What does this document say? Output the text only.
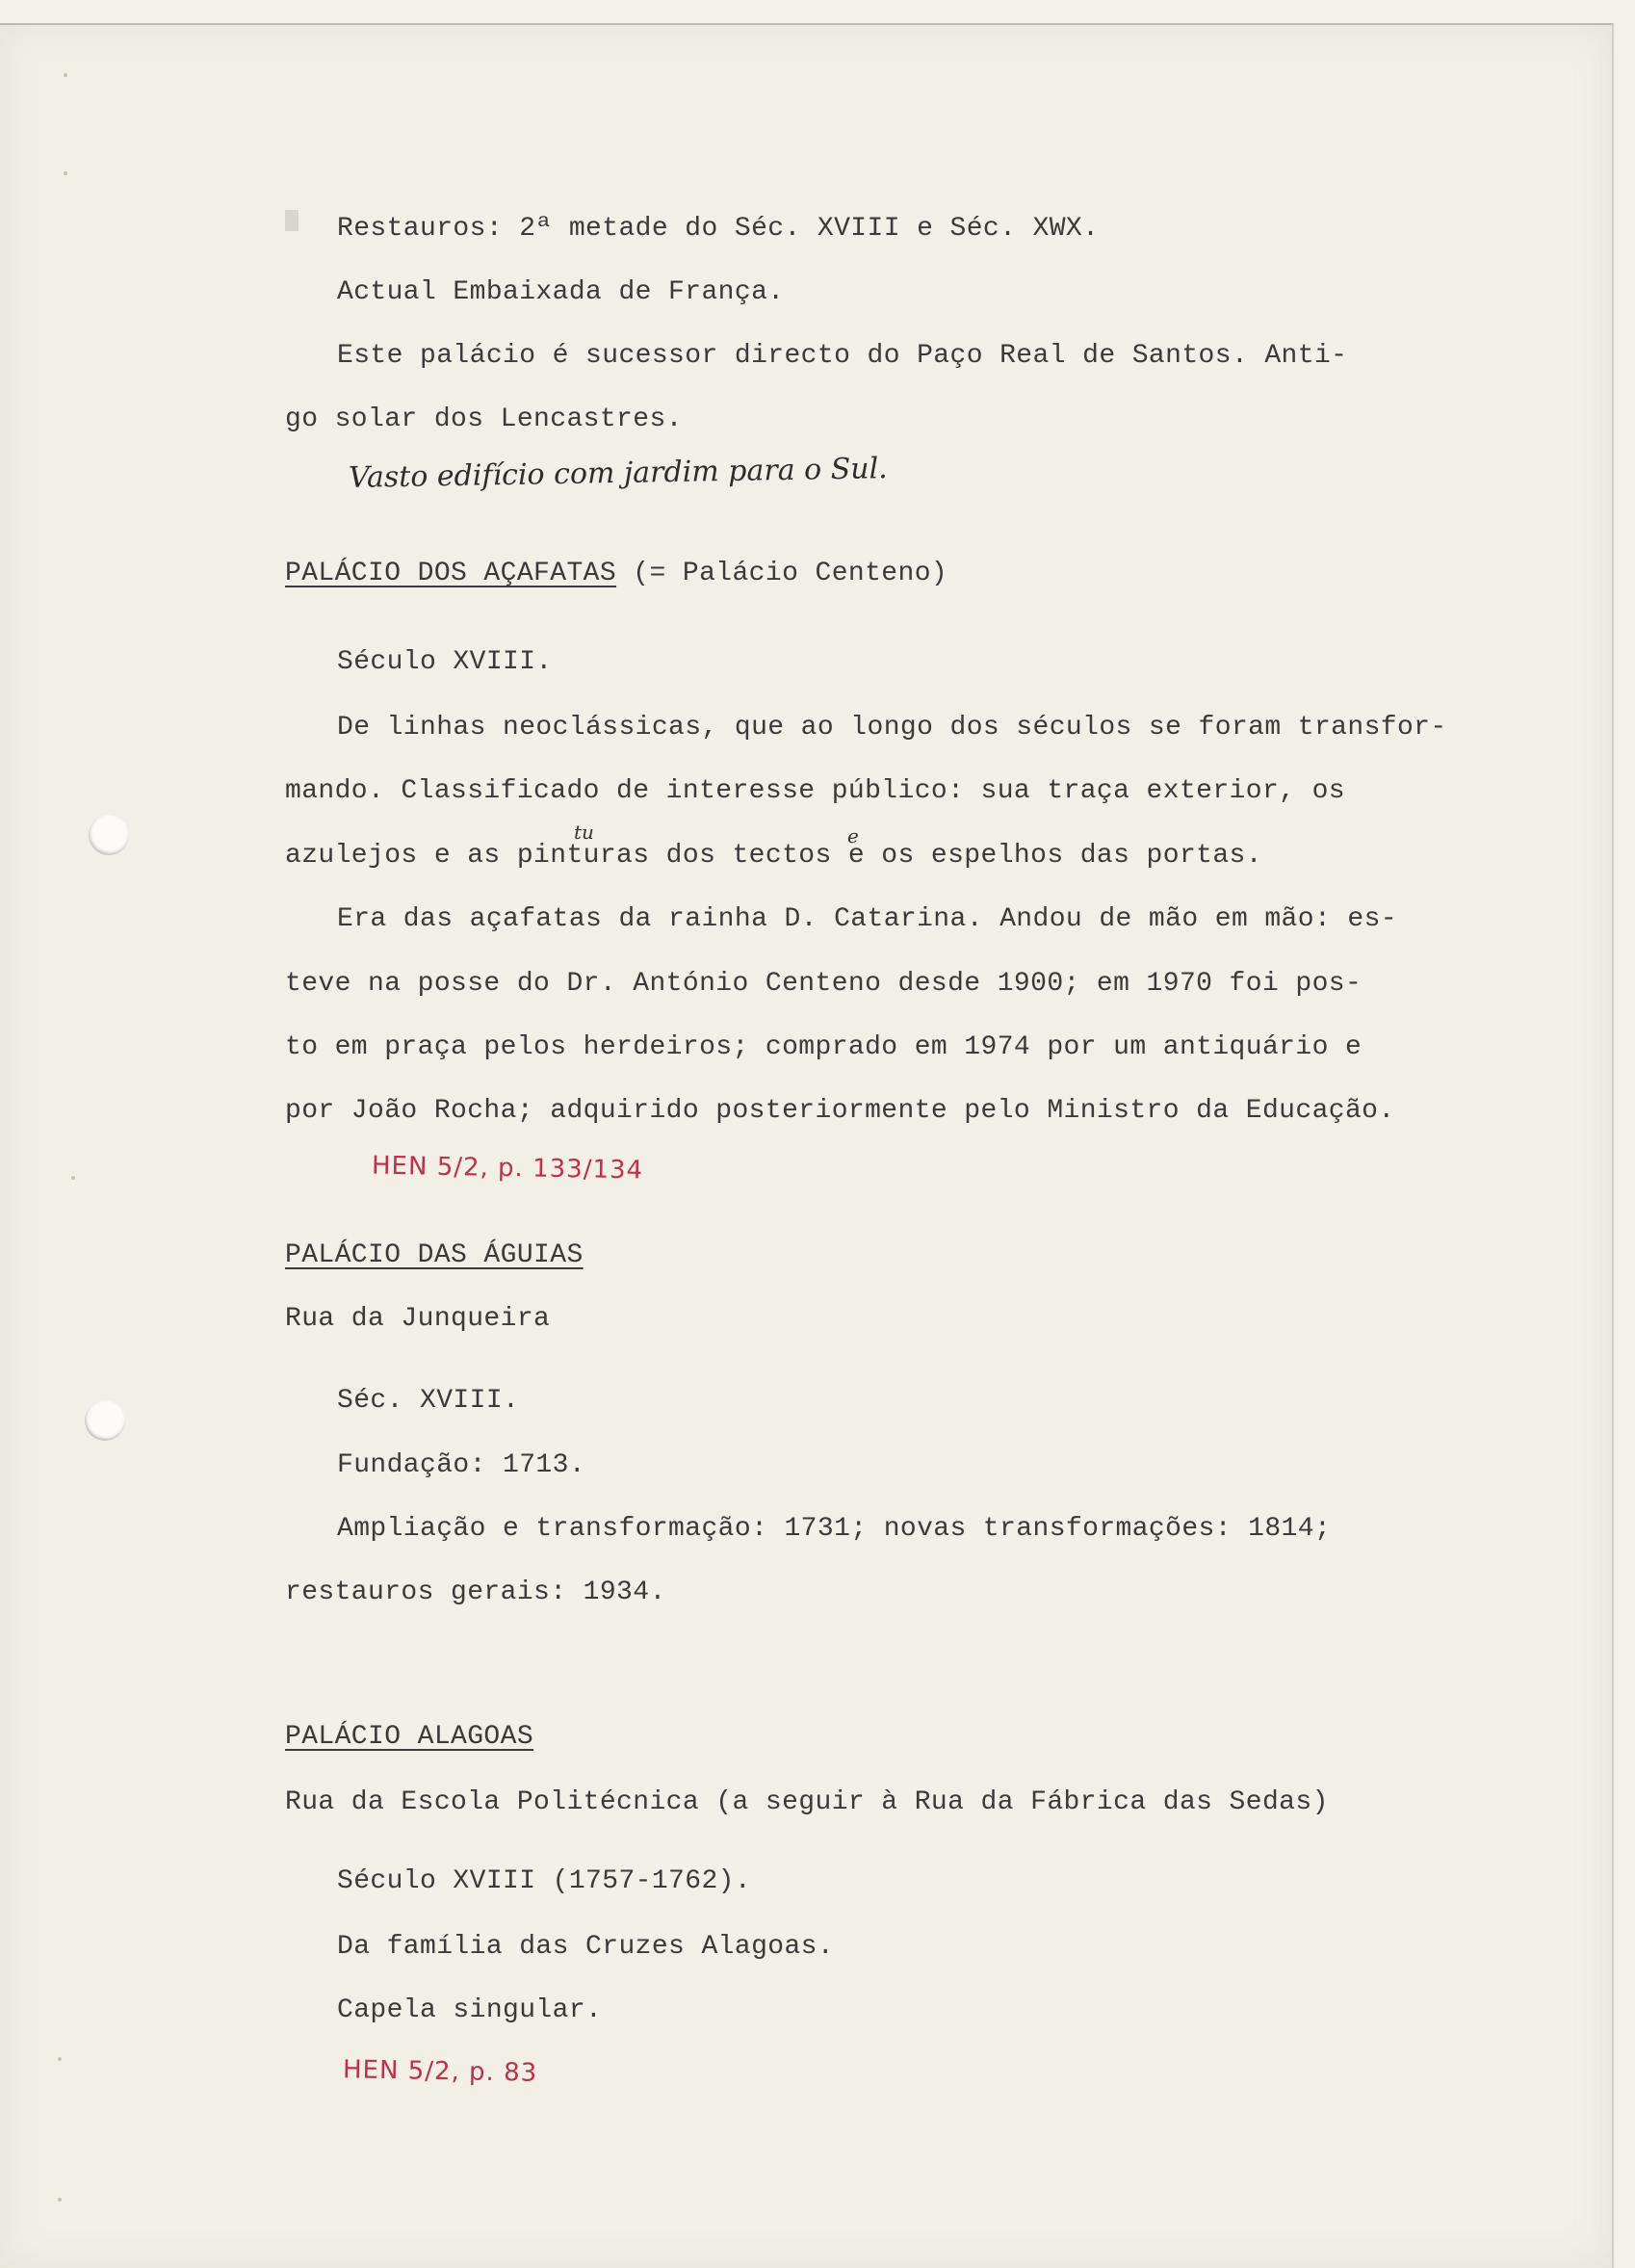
Restauros: 2ª metade do Séc. XVIII e Séc. XWX.
Actual Embaixada de França.
Este palácio é sucessor directo do Paço Real de Santos. Anti-
go solar dos Lencastres.
Vasto edifício com jardim para o Sul.
PALÁCIO DOS AÇAFATAS (= Palácio Centeno)
Século XVIII.
De linhas neoclássicas, que ao longo dos séculos se foram transfor-
mando. Classificado de interesse público: sua traça exterior, os
tu	e
azulejos e as pinturas dos tectos e os espelhos das portas.
Era das açafatas da rainha D. Catarina. Andou de mão em mão: es-
teve na posse do Dr. António Centeno desde 1900; em 1970 foi pos-
to em praça pelos herdeiros; comprado em 1974 por um antiquário e
por João Rocha; adquirido posteriormente pelo Ministro da Educação.
HEN 5/2, p. 133/134
PALÁCIO DAS ÁGUIAS
Rua da Junqueira
Séc. XVIII.
Fundação: 1713.
Ampliação e transformação: 1731; novas transformações: 1814;
restauros gerais: 1934.
PALÁCIO ALAGOAS
Rua da Escola Politécnica (a seguir à Rua da Fábrica das Sedas)
Século XVIII (1757-1762).
Da família das Cruzes Alagoas.
Capela singular.
HEN 5/2, p. 83
